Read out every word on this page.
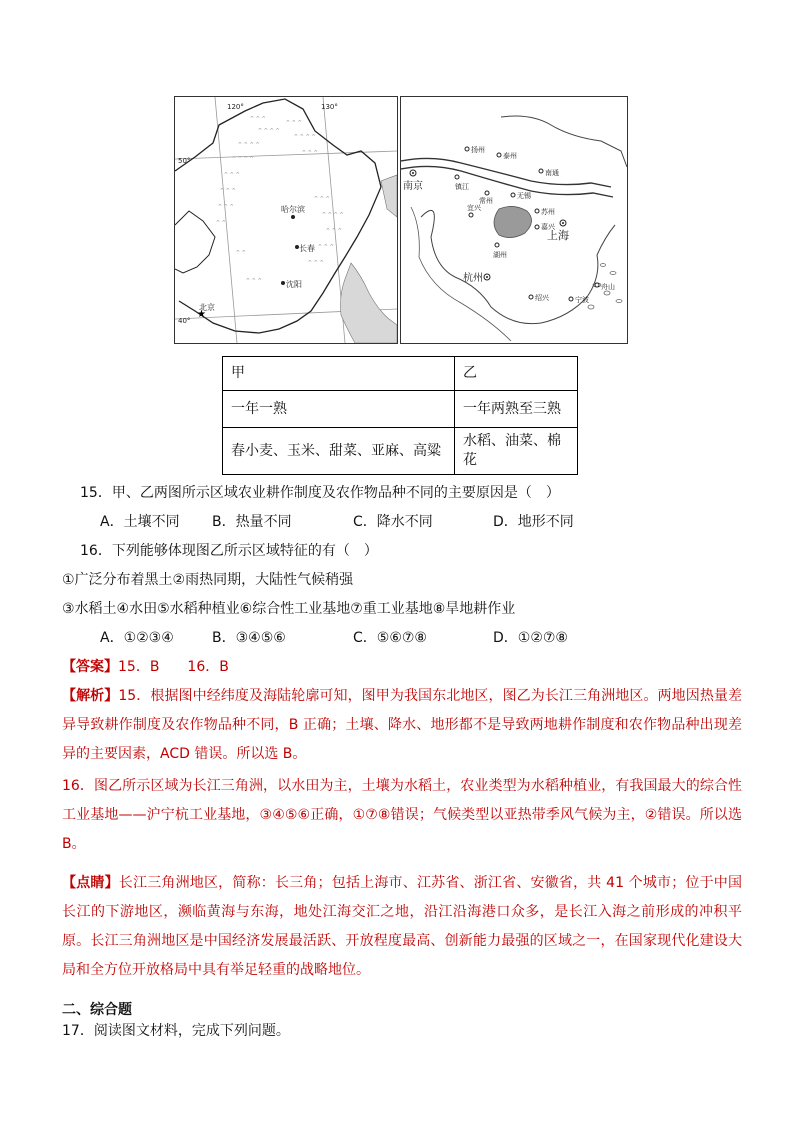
⌃⌃⌃
⌃⌃⌃⌃
⌃⌃⌃⌃
⌃⌃⌃⌃
⌃⌃⌃
⌃⌃⌃
⌃⌃⌃
⌃⌃
⌃⌃⌃
⌃⌃⌃⌃
⌃⌃⌃
⌃⌃⌃
⌃⌃⌃⌃
⌃⌃⌃
⌃⌃⌃
⌃⌃⌃
⌃⌃
⌃⌃⌃
120°	130°
50°
40°
哈尔滨
长春
沈阳
★
北京
扬州
泰州
南通
南京	镇江
常州
无锡
苏州
湖州
上海
嘉兴
杭州
宁波
绍兴
舟山
宜兴
甲	乙
一年一熟	一年两熟至三熟
春小麦、玉米、甜菜、亚麻、高粱	水稻、油菜、棉花
15．甲、乙两图所示区域农业耕作制度及农作物品种不同的主要原因是（　）
A．土壤不同 B．热量不同	C．降水不同	D．地形不同
16．下列能够体现图乙所示区域特征的有（　）
①广泛分布着黑土②雨热同期，大陆性气候稍强
③水稻土④水田⑤水稻种植业⑥综合性工业基地⑦重工业基地⑧旱地耕作业
A．①②③④	B．③④⑤⑥	C．⑤⑥⑦⑧	D．①②⑦⑧
【答案】15．B　　16．B
【解析】15．根据图中经纬度及海陆轮廓可知，图甲为我国东北地区，图乙为长江三角洲地区。两地因热量差异导致耕作制度及农作物品种不同，B 正确；土壤、降水、地形都不是导致两地耕作制度和农作物品种出现差异的主要因素，ACD 错误。所以选 B。
16．图乙所示区域为长江三角洲，以水田为主，土壤为水稻土，农业类型为水稻种植业，有我国最大的综合性工业基地——沪宁杭工业基地，③④⑤⑥正确，①⑦⑧错误；气候类型以亚热带季风气候为主，②错误。所以选 B。
【点睛】长江三角洲地区，简称：长三角；包括上海市、江苏省、浙江省、安徽省，共 41 个城市；位于中国长江的下游地区，濒临黄海与东海，地处江海交汇之地，沿江沿海港口众多，是长江入海之前形成的冲积平原。长江三角洲地区是中国经济发展最活跃、开放程度最高、创新能力最强的区域之一，在国家现代化建设大局和全方位开放格局中具有举足轻重的战略地位。
二、综合题
17．阅读图文材料，完成下列问题。
